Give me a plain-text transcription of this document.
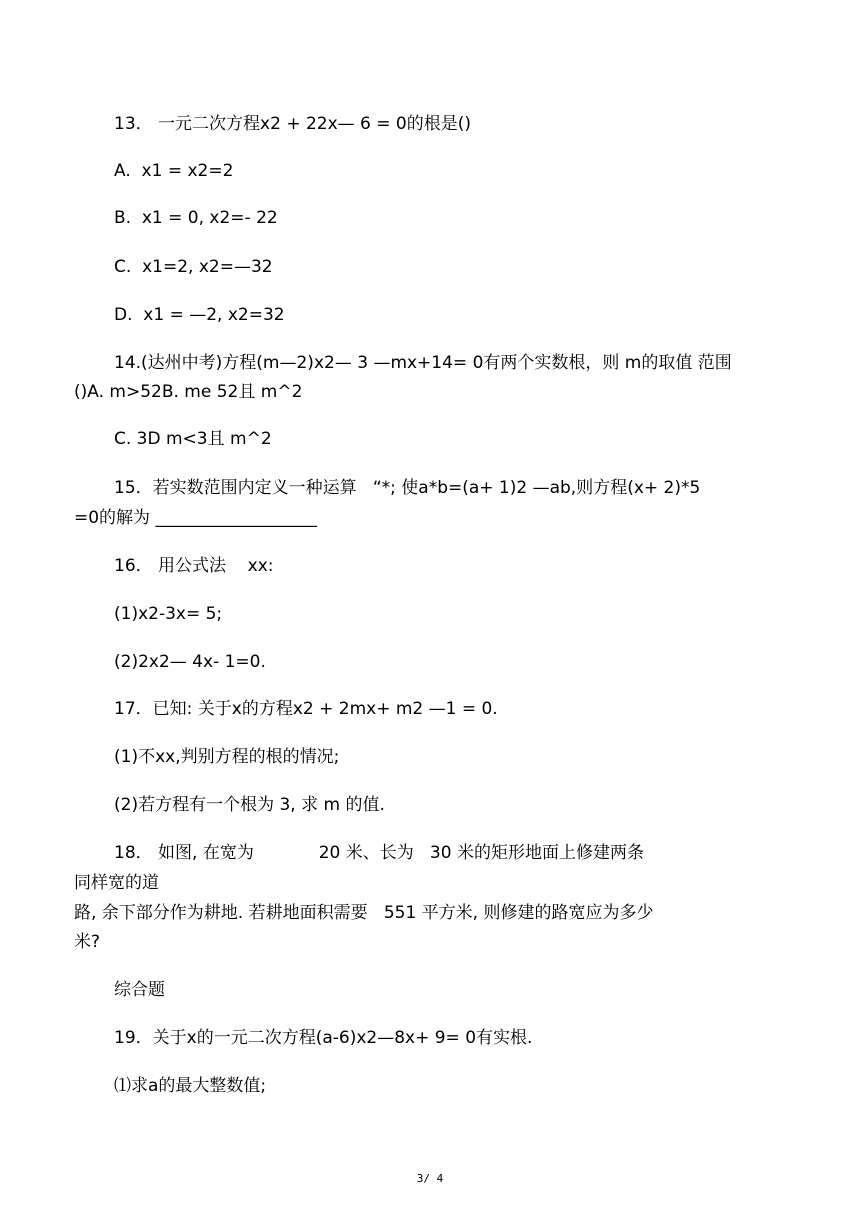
13． 一元二次方程x2 + 22x— 6 = 0的根是()
A.  x1 = x2=2
B.  x1 = 0, x2=- 22
C.  x1=2, x2=—32
D.  x1 = —2, x2=32
14.(达州中考)方程(m—2)x2— 3 —mx+14= 0有两个实数根，则 m的取值 范围
()A. m>52B. me 52且 m^2
C. 3D m<3且 m^2
15．若实数范围内定义一种运算   “*; 使a*b=(a+ 1)2 —ab,则方程(x+ 2)*5
=0的解为 ___________________
16． 用公式法    xx:
(1)x2-3x= 5;
(2)2x2— 4x- 1=0.
17．已知: 关于x的方程x2 + 2mx+ m2 —1 = 0.
(1)不xx,判别方程的根的情况;
(2)若方程有一个根为 3, 求 m 的值.
18． 如图, 在宽为            20 米、长为   30 米的矩形地面上修建两条
同样宽的道
路, 余下部分作为耕地. 若耕地面积需要   551 平方米, 则修建的路宽应为多少
米?
综合题
19．关于x的一元二次方程(a-6)x2—8x+ 9= 0有实根.
⑴求a的最大整数值;
3/ 4
